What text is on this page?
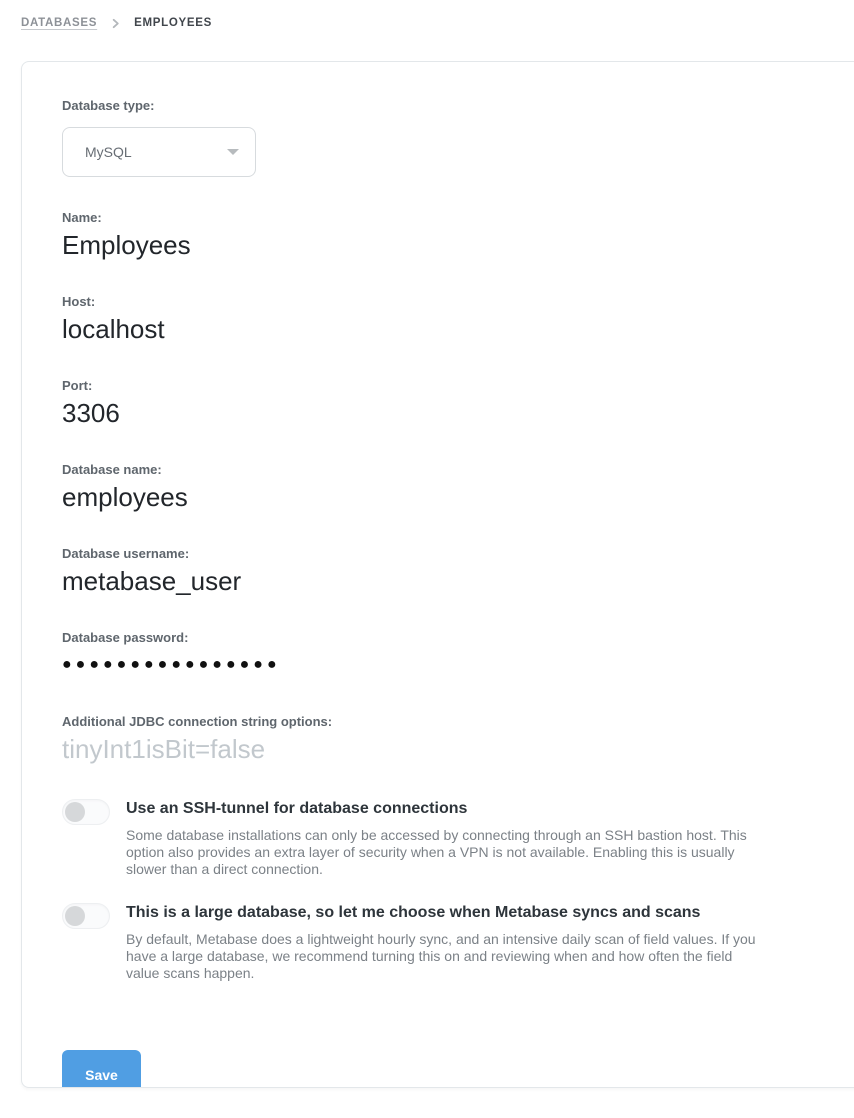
DATABASES	EMPLOYEES
Database type:
MySQL
Name:
Employees
Host:
localhost
Port:
3306
Database name:
employees
Database username:
metabase_user
Database password:
●●●●●●●●●●●●●●●●
Additional JDBC connection string options:
tinyInt1isBit=false
Use an SSH-tunnel for database connections
Some database installations can only be accessed by connecting through an SSH bastion host. This option also provides an extra layer of security when a VPN is not available. Enabling this is usually slower than a direct connection.
This is a large database, so let me choose when Metabase syncs and scans
By default, Metabase does a lightweight hourly sync, and an intensive daily scan of field values. If you have a large database, we recommend turning this on and reviewing when and how often the field value scans happen.
Save
